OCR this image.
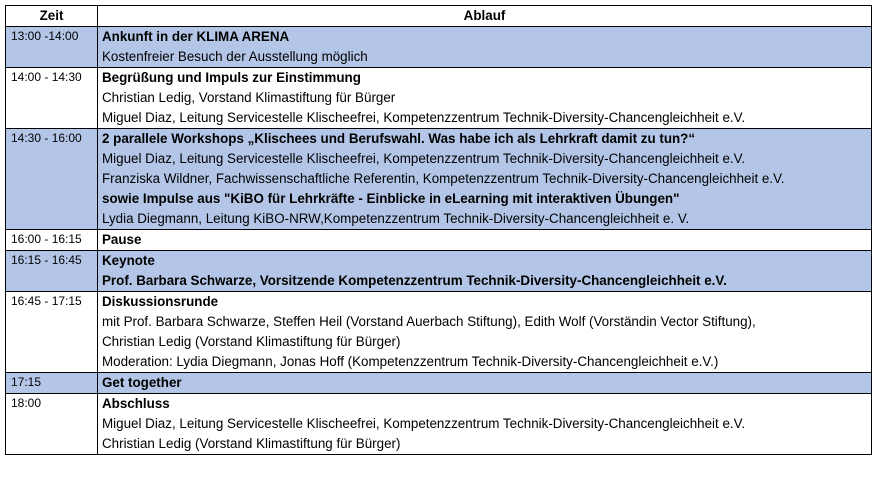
Zeit	Ablauf
13:00 -14:00	Ankunft in der KLIMA ARENA
Kostenfreier Besuch der Ausstellung möglich

14:00 - 14:30	Begrüßung und Impuls zur Einstimmung
Christian Ledig, Vorstand Klimastiftung für Bürger
Miguel Diaz, Leitung Servicestelle Klischeefrei, Kompetenzzentrum Technik-Diversity-Chancengleichheit e.V.

14:30 - 16:00	2 parallele Workshops „Klischees und Berufswahl. Was habe ich als Lehrkraft damit zu tun?“
Miguel Diaz, Leitung Servicestelle Klischeefrei, Kompetenzzentrum Technik-Diversity-Chancengleichheit e.V.
Franziska Wildner, Fachwissenschaftliche Referentin, Kompetenzzentrum Technik-Diversity-Chancengleichheit e.V.
sowie Impulse aus "KiBO für Lehrkräfte - Einblicke in eLearning mit interaktiven Übungen"
Lydia Diegmann, Leitung KiBO-NRW,Kompetenzzentrum Technik-Diversity-Chancengleichheit e. V.

16:00 - 16:15	Pause

16:15 - 16:45	Keynote
Prof. Barbara Schwarze, Vorsitzende Kompetenzzentrum Technik-Diversity-Chancengleichheit e.V.

16:45 - 17:15	Diskussionsrunde
mit Prof. Barbara Schwarze, Steffen Heil (Vorstand Auerbach Stiftung), Edith Wolf (Vorständin Vector Stiftung),
Christian Ledig (Vorstand Klimastiftung für Bürger)
Moderation: Lydia Diegmann, Jonas Hoff (Kompetenzzentrum Technik-Diversity-Chancengleichheit e.V.)

17:15	Get together

18:00	Abschluss
Miguel Diaz, Leitung Servicestelle Klischeefrei, Kompetenzzentrum Technik-Diversity-Chancengleichheit e.V.
Christian Ledig (Vorstand Klimastiftung für Bürger)
